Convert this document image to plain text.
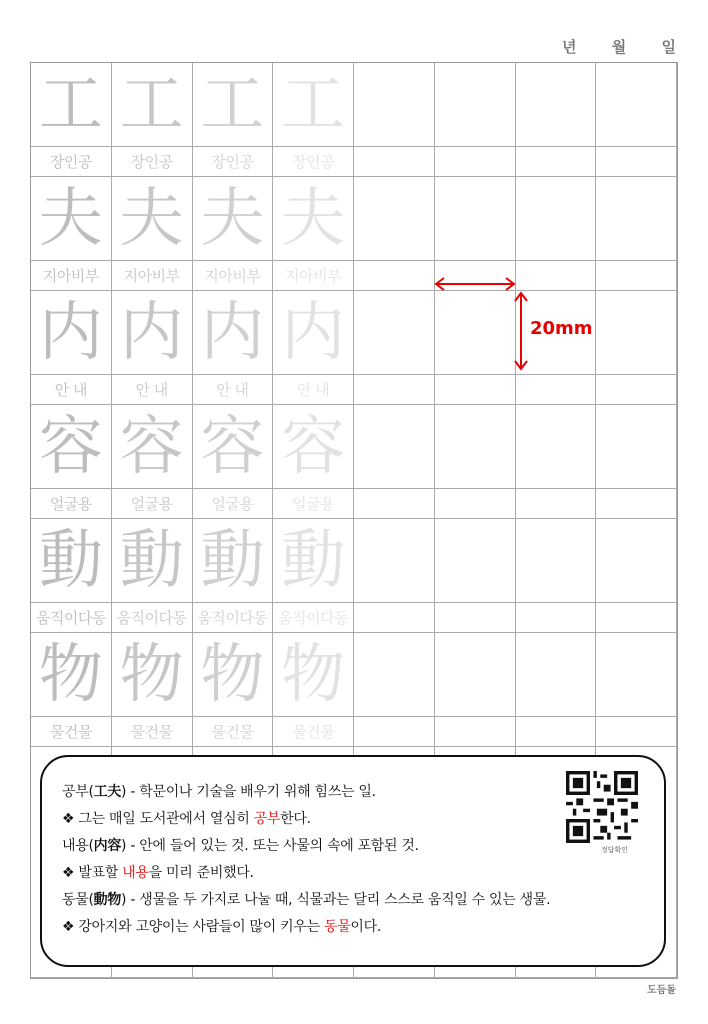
년 월 일
工
장인공
工
장인공
工
장인공
工
장인공
夫
지아비부
夫
지아비부
夫
지아비부
夫
지아비부
内
안 내
内
안 내
内
안 내
内
안 내
容
얼굴용
容
얼굴용
容
얼굴용
容
얼굴용
動
움직이다동
動
움직이다동
動
움직이다동
動
움직이다동
物
물건물
物
물건물
物
물건물
物
물건물
20mm
공부(工夫) - 학문이나 기술을 배우기 위해 힘쓰는 일.
❖ 그는 매일 도서관에서 열심히 공부한다.
내용(内容) - 안에 들어 있는 것. 또는 사물의 속에 포함된 것.
❖ 발표할 내용을 미리 준비했다.
동물(動物) - 생물을 두 가지로 나눌 때, 식물과는 달리 스스로 움직일 수 있는 생물.
❖ 강아지와 고양이는 사람들이 많이 키우는 동물이다.
정답확인
도듬돌
